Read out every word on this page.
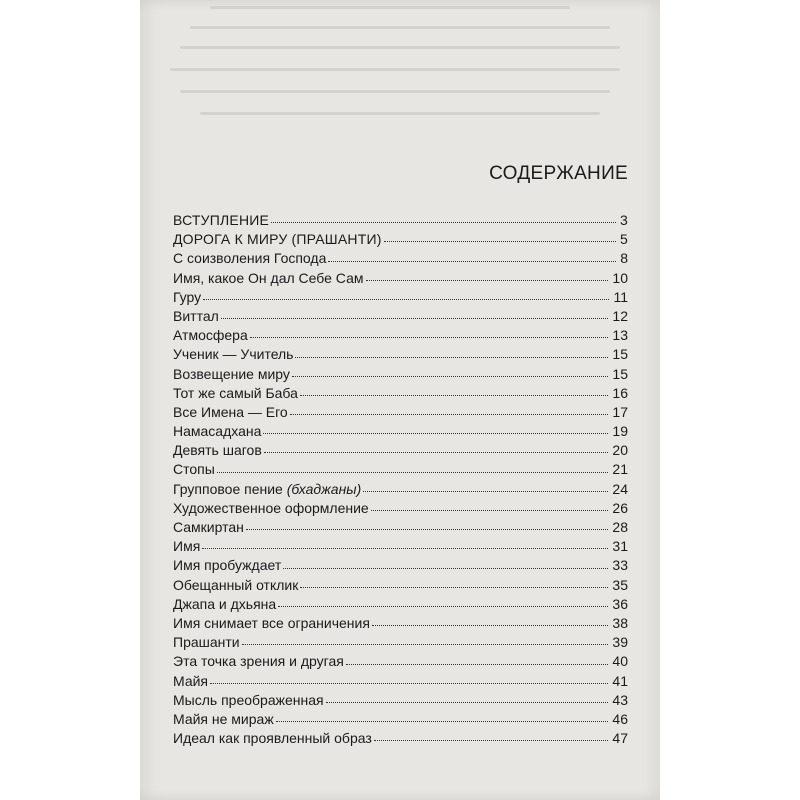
СОДЕРЖАНИЕ
ВСТУПЛЕНИЕ	3
ДОРОГА К МИРУ (ПРАШАНТИ)	5
С соизволения Господа	8
Имя, какое Он дал Себе Сам	10
Гуру	11
Виттал	12
Атмосфера	13
Ученик — Учитель	15
Возвещение миру	15
Тот же самый Баба	16
Все Имена — Его	17
Намасадхана	19
Девять шагов	20
Стопы	21
Групповое пение (бхаджаны)	24
Художественное оформление	26
Самкиртан	28
Имя	31
Имя пробуждает	33
Обещанный отклик	35
Джапа и дхьяна	36
Имя снимает все ограничения	38
Прашанти	39
Эта точка зрения и другая	40
Майя	41
Мысль преображенная	43
Майя не мираж	46
Идеал как проявленный образ	47
